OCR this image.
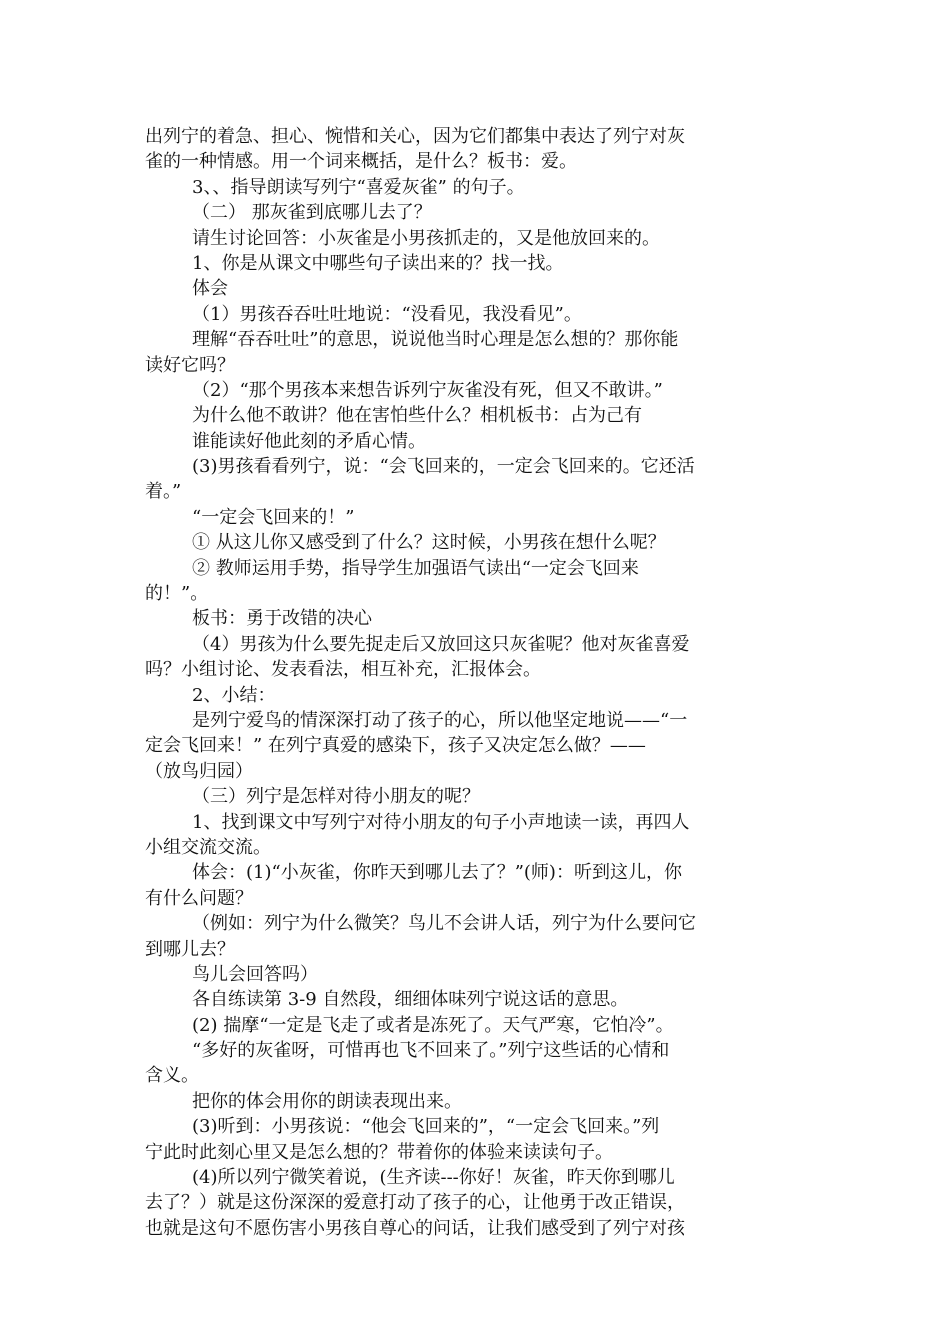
出列宁的着急、担心、惋惜和关心，因为它们都集中表达了列宁对灰
雀的一种情感。用一个词来概括，是什么？板书：爱。
3、、指导朗读写列宁“喜爱灰雀” 的句子。
（二） 那灰雀到底哪儿去了？
请生讨论回答：小灰雀是小男孩抓走的，又是他放回来的。
1、你是从课文中哪些句子读出来的？找一找。
体会
（1）男孩吞吞吐吐地说：“没看见，我没看见”。
理解“吞吞吐吐”的意思，说说他当时心理是怎么想的？那你能
读好它吗？
（2）“那个男孩本来想告诉列宁灰雀没有死，但又不敢讲。”
为什么他不敢讲？他在害怕些什么？相机板书：占为己有
谁能读好他此刻的矛盾心情。
(3)男孩看看列宁，说：“会飞回来的，一定会飞回来的。它还活
着。”
“一定会飞回来的！”
① 从这儿你又感受到了什么？这时候，小男孩在想什么呢？
② 教师运用手势，指导学生加强语气读出“一定会飞回来
的！”。
板书：勇于改错的决心
（4）男孩为什么要先捉走后又放回这只灰雀呢？他对灰雀喜爱
吗？小组讨论、发表看法，相互补充，汇报体会。
2、小结：
是列宁爱鸟的情深深打动了孩子的心，所以他坚定地说——“一
定会飞回来！” 在列宁真爱的感染下，孩子又决定怎么做？——
（放鸟归园）
（三）列宁是怎样对待小朋友的呢？
1、找到课文中写列宁对待小朋友的句子小声地读一读，再四人
小组交流交流。
体会：(1)“小灰雀，你昨天到哪儿去了？”(师)：听到这儿，你
有什么问题？
（例如：列宁为什么微笑？鸟儿不会讲人话，列宁为什么要问它
到哪儿去？
鸟儿会回答吗）
各自练读第 3-9 自然段，细细体味列宁说这话的意思。
(2) 揣摩“一定是飞走了或者是冻死了。天气严寒，它怕冷”。
“多好的灰雀呀，可惜再也飞不回来了。”列宁这些话的心情和
含义。
把你的体会用你的朗读表现出来。
(3)听到：小男孩说：“他会飞回来的”，“一定会飞回来。”列
宁此时此刻心里又是怎么想的？带着你的体验来读读句子。
(4)所以列宁微笑着说，(生齐读---你好！灰雀，昨天你到哪儿
去了？）就是这份深深的爱意打动了孩子的心，让他勇于改正错误，
也就是这句不愿伤害小男孩自尊心的问话，让我们感受到了列宁对孩
